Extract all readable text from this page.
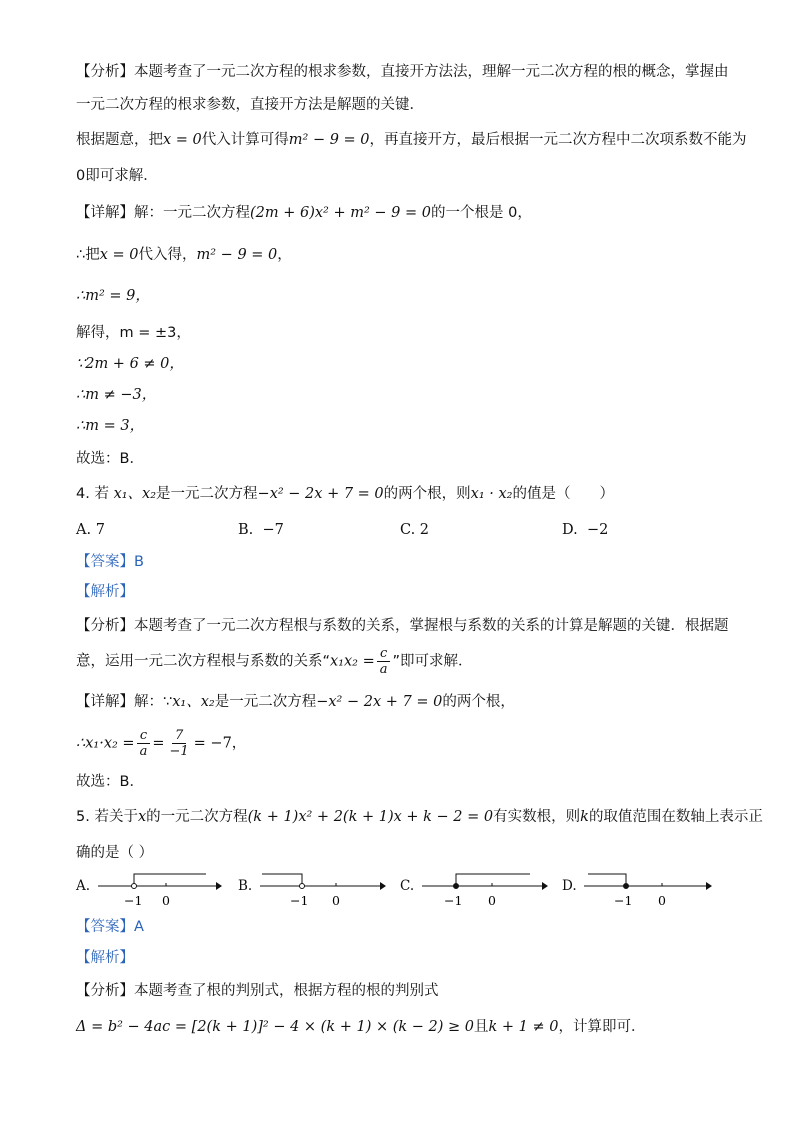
【分析】本题考查了一元二次方程的根求参数，直接开方法法，理解一元二次方程的根的概念，掌握由
一元二次方程的根求参数，直接开方法是解题的关键．
根据题意，把x = 0代入计算可得m² − 9 = 0，再直接开方，最后根据一元二次方程中二次项系数不能为
0即可求解．
【详解】解：一元二次方程(2m + 6)x² + m² − 9 = 0的一个根是 0，
∴把x = 0代入得，m² − 9 = 0，
∴m² = 9，
解得，m = ±3，
∵2m + 6 ≠ 0，
∴m ≠ −3，
∴m = 3，
故选：B．
4. 若 x₁、x₂是一元二次方程−x² − 2x + 7 = 0的两个根，则x₁ · x₂的值是（　　）
A. 7	B. −7	C. 2	D. −2
【答案】B
【解析】
【分析】本题考查了一元二次方程根与系数的关系，掌握根与系数的关系的计算是解题的关键．根据题
意，运用一元二次方程根与系数的关系“$x_1x_2 = \frac{c}{a}$ ”即可求解．
【详解】解：∵x₁、x₂是一元二次方程−x² − 2x + 7 = 0的两个根，
∴x₁·x₂ = $\frac{c}{a} = \frac{7}{-1} = -7$，
故选：B．
5. 若关于x的一元二次方程(k + 1)x² + 2(k + 1)x + k − 2 = 0有实数根，则k的取值范围在数轴上表示正
确的是（ ）
A.
−1 0
B.
−1 0
C.
−1 0
D.
−1 0
【答案】A
【解析】
【分析】本题考查了根的判别式，根据方程的根的判别式
Δ = b² − 4ac = [2(k + 1)]² − 4 × (k + 1) × (k − 2) ≥ 0且k + 1 ≠ 0，计算即可．
